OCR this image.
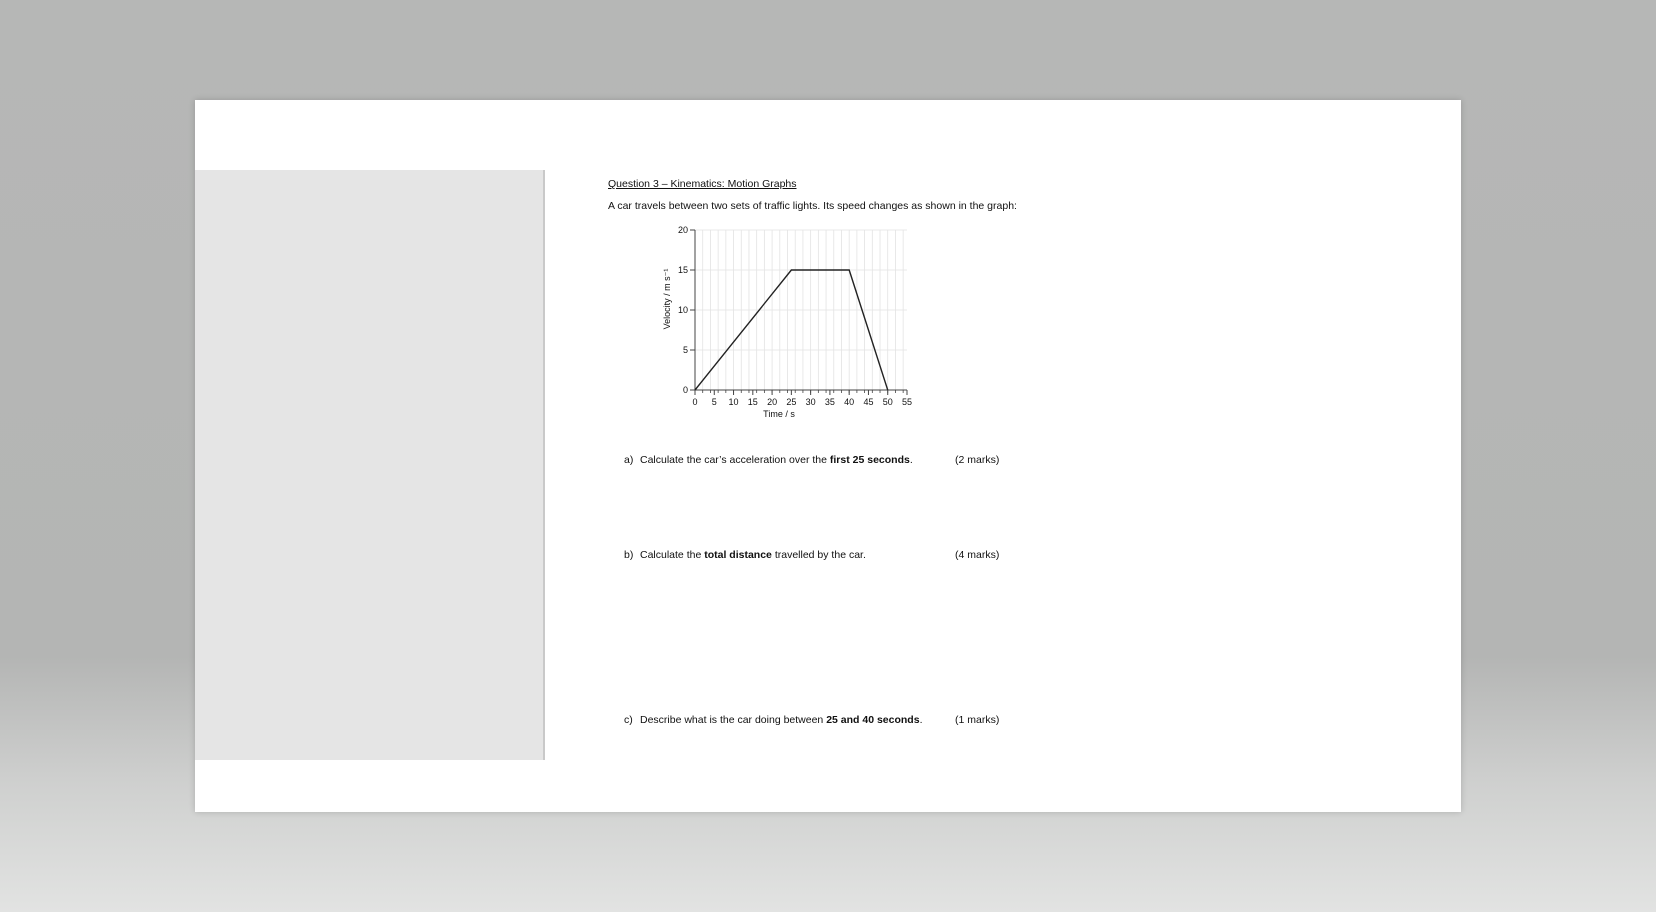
Question 3 – Kinematics: Motion Graphs
A car travels between two sets of traffic lights. Its speed changes as shown in the graph:
0 5 10 15 20 25 30 35 40 45 50 55
0
5
10
15
20
Time / s
Velocity / m s⁻¹
a) Calculate the car’s acceleration over the first 25 seconds.	(2 marks)
b) Calculate the total distance travelled by the car.	(4 marks)
c) Describe what is the car doing between 25 and 40 seconds.	(1 marks)
